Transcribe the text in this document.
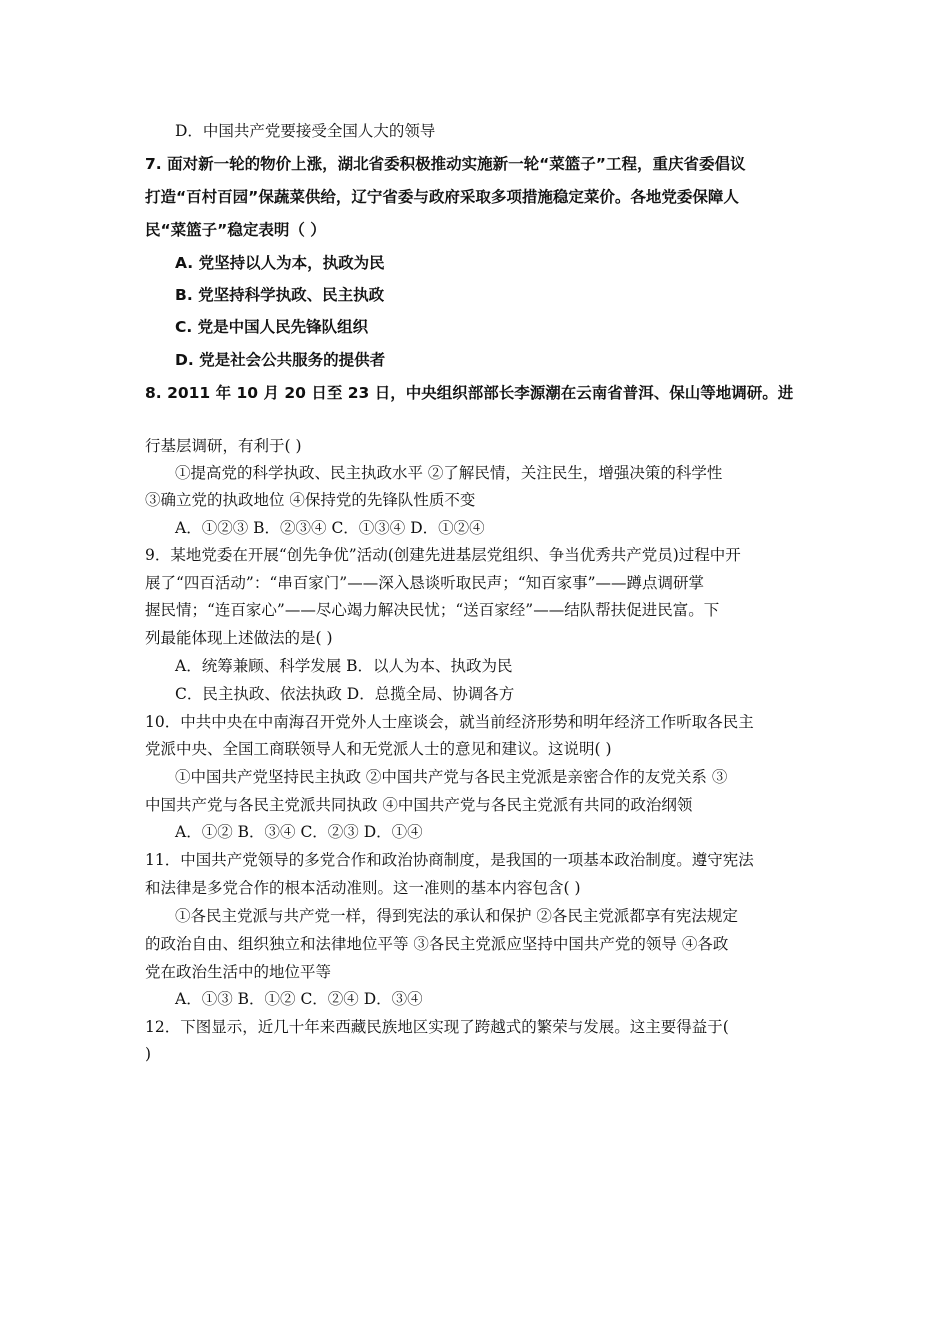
D．中国共产党要接受全国人大的领导
7. 面对新一轮的物价上涨，湖北省委积极推动实施新一轮“菜篮子”工程，重庆省委倡议
打造“百村百园”保蔬菜供给，辽宁省委与政府采取多项措施稳定菜价。各地党委保障人
民“菜篮子”稳定表明（ ）
A. 党坚持以人为本，执政为民
B. 党坚持科学执政、民主执政
C. 党是中国人民先锋队组织
D. 党是社会公共服务的提供者
8. 2011 年 10 月 20 日至 23 日，中央组织部部长李源潮在云南省普洱、保山等地调研。进
行基层调研，有利于( )
①提高党的科学执政、民主执政水平 ②了解民情，关注民生，增强决策的科学性
③确立党的执政地位 ④保持党的先锋队性质不变
A．①②③ B．②③④ C．①③④ D．①②④
9．某地党委在开展“创先争优”活动(创建先进基层党组织、争当优秀共产党员)过程中开
展了“四百活动”：“串百家门”——深入恳谈听取民声；“知百家事”——蹲点调研掌
握民情；“连百家心”——尽心竭力解决民忧；“送百家经”——结队帮扶促进民富。下
列最能体现上述做法的是( )
A．统筹兼顾、科学发展 B．以人为本、执政为民
C．民主执政、依法执政 D．总揽全局、协调各方
10．中共中央在中南海召开党外人士座谈会，就当前经济形势和明年经济工作听取各民主
党派中央、全国工商联领导人和无党派人士的意见和建议。这说明( )
①中国共产党坚持民主执政 ②中国共产党与各民主党派是亲密合作的友党关系 ③
中国共产党与各民主党派共同执政 ④中国共产党与各民主党派有共同的政治纲领
A．①② B．③④ C．②③ D．①④
11．中国共产党领导的多党合作和政治协商制度，是我国的一项基本政治制度。遵守宪法
和法律是多党合作的根本活动准则。这一准则的基本内容包含( )
①各民主党派与共产党一样，得到宪法的承认和保护 ②各民主党派都享有宪法规定
的政治自由、组织独立和法律地位平等 ③各民主党派应坚持中国共产党的领导 ④各政
党在政治生活中的地位平等
A．①③ B．①② C．②④ D．③④
12．下图显示，近几十年来西藏民族地区实现了跨越式的繁荣与发展。这主要得益于(
)
